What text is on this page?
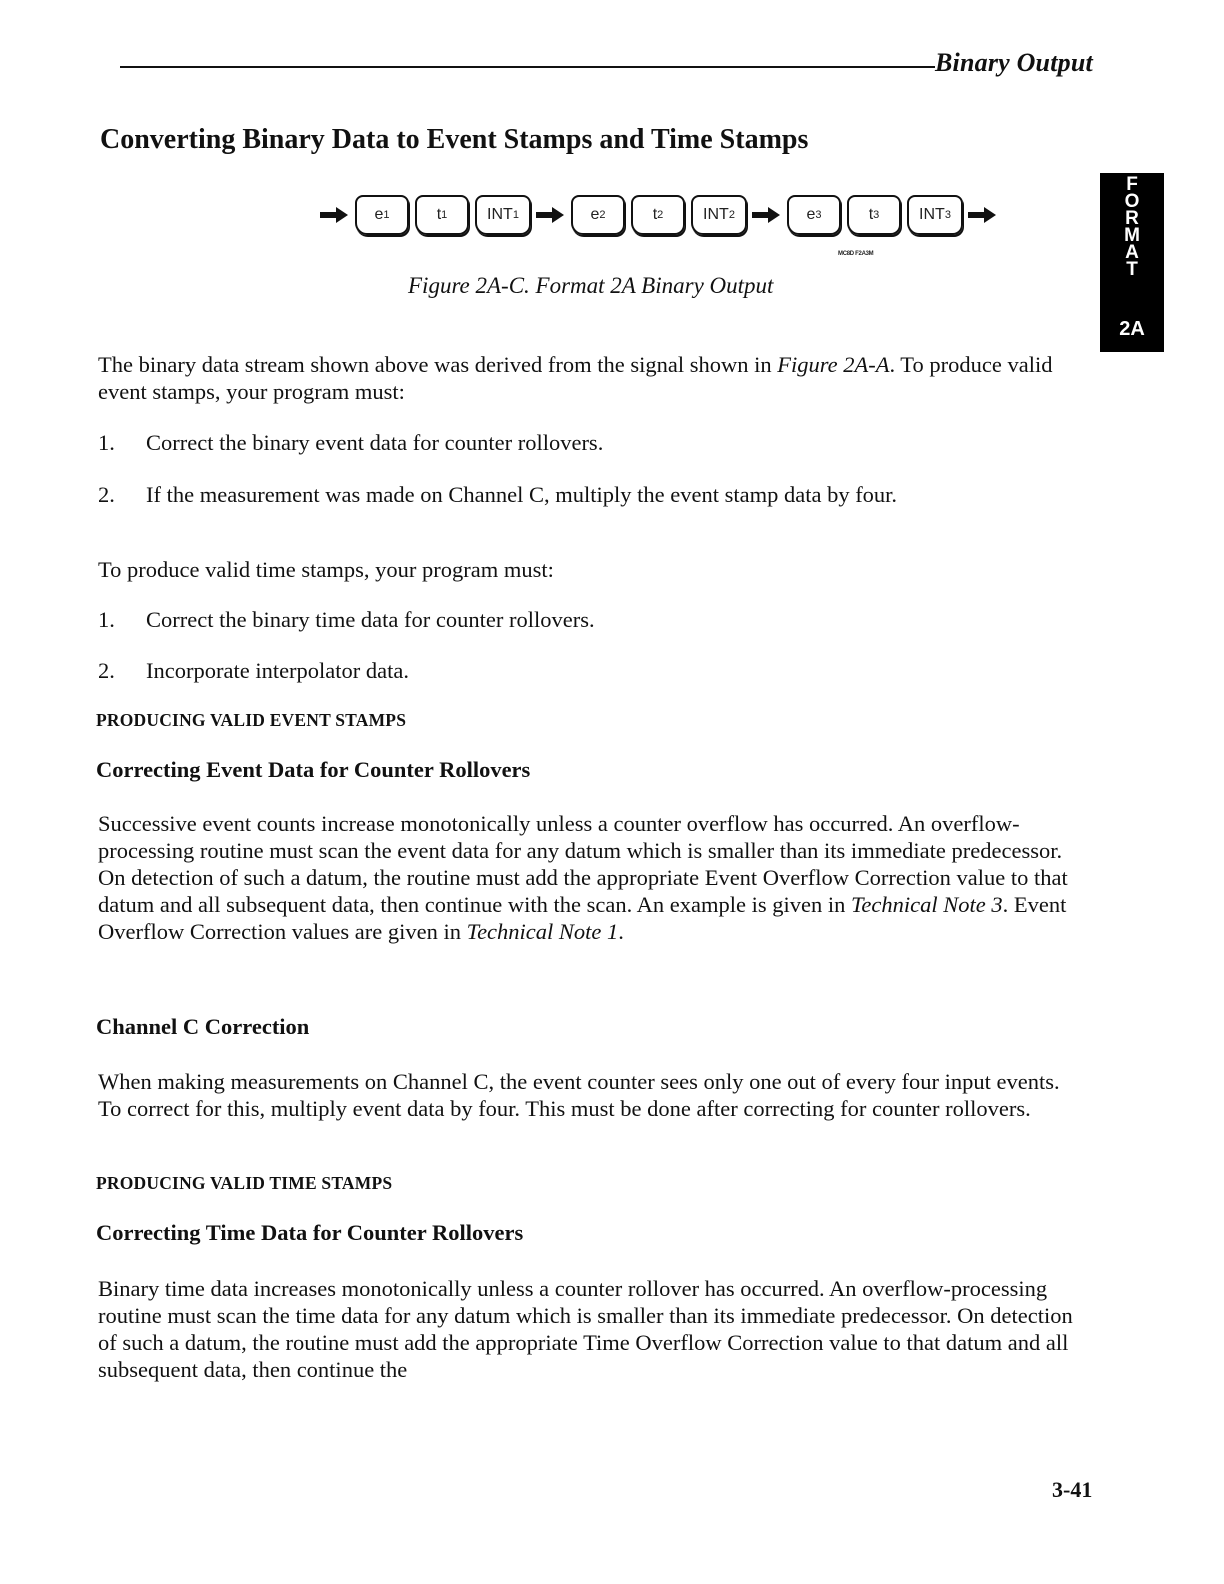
Binary Output
Converting Binary Data to Event Stamps and Time Stamps
e 1	t 1 INT 1	e 2	t 2 INT 2	e 3	t 3 INT 3
MC8D F2A3M
Figure 2A-C. Format 2A Binary Output
F
O
R
M
A
T
2A
The binary data stream shown above was derived from the signal shown in Figure 2A-A. To produce valid event stamps, your program must:
1. Correct the binary event data for counter rollovers.
2. If the measurement was made on Channel C, multiply the event stamp data by four.
To produce valid time stamps, your program must:
1. Correct the binary time data for counter rollovers.
2. Incorporate interpolator data.
PRODUCING VALID EVENT STAMPS
Correcting Event Data for Counter Rollovers
Successive event counts increase monotonically unless a counter overflow has occurred. An overflow-processing routine must scan the event data for any datum which is smaller than its immediate predecessor. On detection of such a datum, the routine must add the appropriate Event Overflow Correction value to that datum and all subsequent data, then continue with the scan. An example is given in Technical Note 3. Event Overflow Correction values are given in Technical Note 1.
Channel C Correction
When making measurements on Channel C, the event counter sees only one out of every four input events. To correct for this, multiply event data by four. This must be done after correcting for counter rollovers.
PRODUCING VALID TIME STAMPS
Correcting Time Data for Counter Rollovers
Binary time data increases monotonically unless a counter rollover has occurred. An overflow-processing routine must scan the time data for any datum which is smaller than its immediate predecessor. On detection of such a datum, the routine must add the appropriate Time Overflow Correction value to that datum and all subsequent data, then continue the
3-41
